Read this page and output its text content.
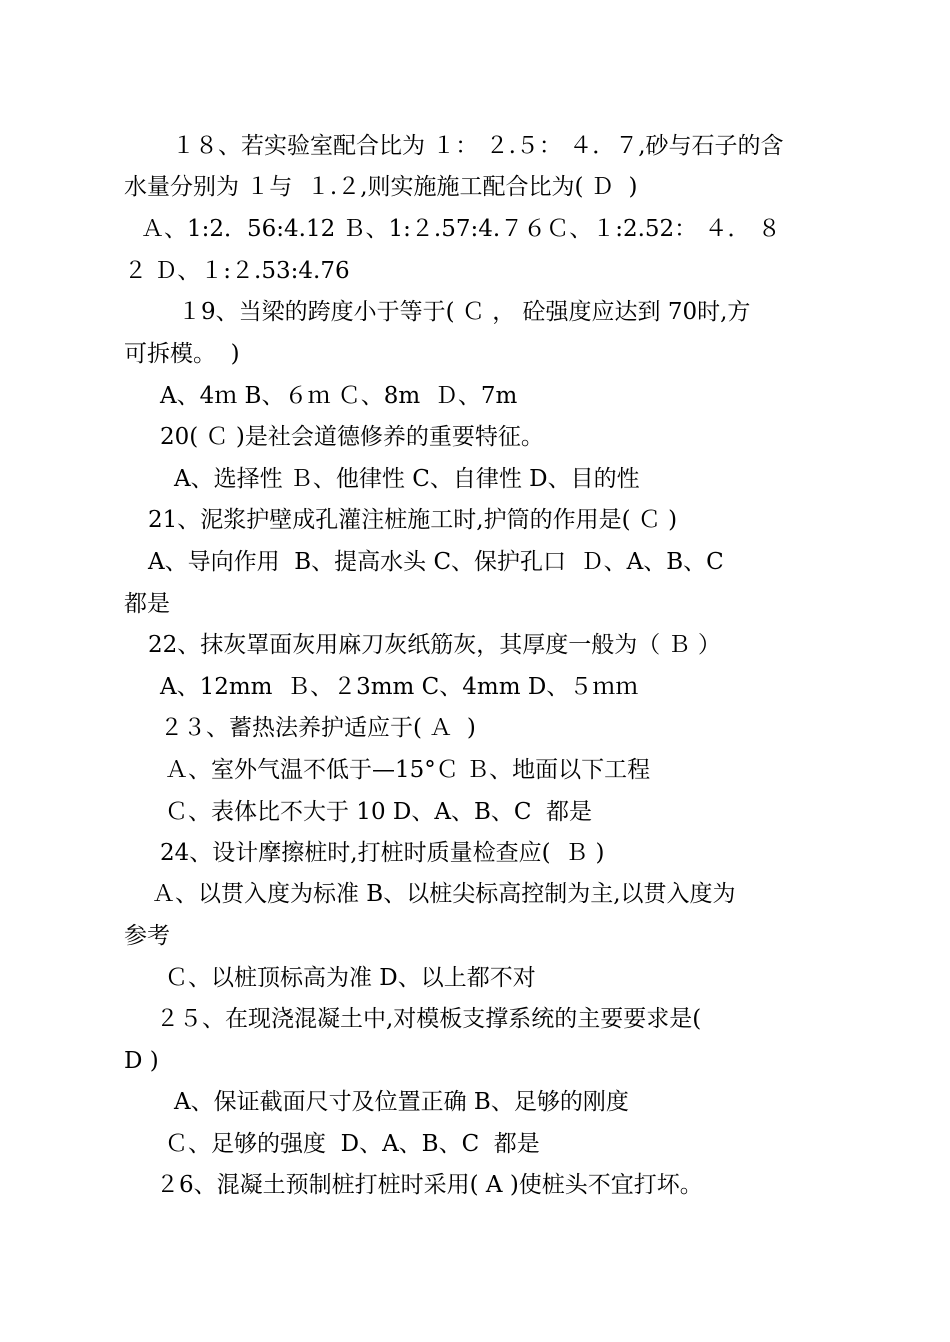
１８、若实验室配合比为 １： ２.５： ４．７,砂与石子的含
水量分别为 １与  １.２,则实施施工配合比为( Ｄ  )
Ａ、1:2．56:4.12 Ｂ、1:２.57:4.７６Ｃ、１:2.52： ４． ８
２ Ｄ、１:２.53:4.76
１9、当梁的跨度小于等于( Ｃ ， 砼强度应达到 70时,方
可拆模。  )
A、4ｍ B、６ｍ Ｃ、8m  Ｄ、7m
20( Ｃ )是社会道德修养的重要特征。
A、选择性 Ｂ、他律性 C、自律性 D、目的性
21、泥浆护壁成孔灌注桩施工时,护筒的作用是( Ｃ )
A、导向作用  B、提高水头 C、保护孔口  Ｄ、A、B、C
都是
22、抹灰罩面灰用麻刀灰纸筋灰，其厚度一般为（ Ｂ ）
A、12mm  Ｂ、２3mm C、4mm D、５ｍｍ
２３、蓄热法养护适应于( Ａ  )
Ａ、室外气温不低于—15°Ｃ Ｂ、地面以下工程
Ｃ、表体比不大于 10 D、A、B、C  都是
24、设计摩擦桩时,打桩时质量检查应(  Ｂ )
Ａ、以贯入度为标准 B、以桩尖标高控制为主,以贯入度为
参考
Ｃ、以桩顶标高为准 D、以上都不对
２５、在现浇混凝土中,对模板支撑系统的主要要求是(
D )
A、保证截面尺寸及位置正确 B、足够的刚度
Ｃ、足够的强度  D、A、B、C  都是
２6、混凝土预制桩打桩时采用( A )使桩头不宜打坏。
